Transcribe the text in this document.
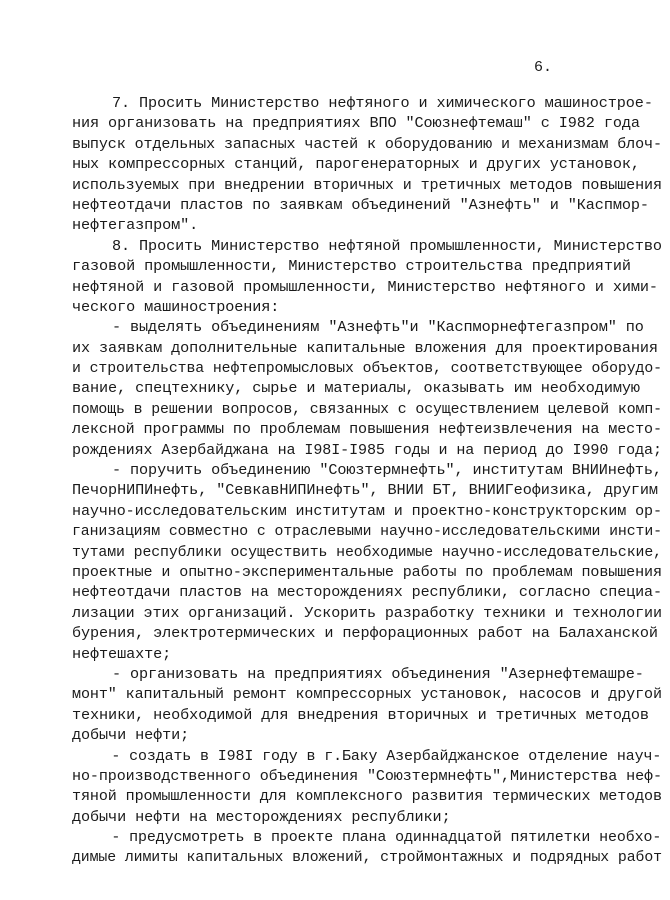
6.
7. Просить Министерство нефтяного и химического машинострое-
ния организовать на предприятиях ВПО "Союзнефтемаш" с I982 года
выпуск отдельных запасных частей к оборудованию и механизмам блоч-
ных компрессорных станций, парогенераторных и других установок,
используемых при внедрении вторичных и третичных методов повышения
нефтеотдачи пластов по заявкам объединений "Азнефть" и "Каспмор-
нефтегазпром".
8. Просить Министерство нефтяной промышленности, Министерство
газовой промышленности, Министерство строительства предприятий
нефтяной и газовой промышленности, Министерство нефтяного и хими-
ческого машиностроения:
- выделять объединениям "Азнефть"и "Каспморнефтегазпром" по
их заявкам дополнительные капитальные вложения для проектирования
и строительства нефтепромысловых объектов, соответствующее оборудо-
вание, спецтехнику, сырье и материалы, оказывать им необходимую
помощь в решении вопросов, связанных с осуществлением целевой комп-
лексной программы по проблемам повышения нефтеизвлечения на место-
рождениях Азербайджана на I98I-I985 годы и на период до I990 года;
- поручить объединению "Союзтермнефть", институтам ВНИИнефть,
ПечорНИПИнефть, "СевкавНИПИнефть", ВНИИ БТ, ВНИИГеофизика, другим
научно-исследовательским институтам и проектно-конструкторским ор-
ганизациям совместно с отраслевыми научно-исследовательскими инсти-
тутами республики осуществить необходимые научно-исследовательские,
проектные и опытно-экспериментальные работы по проблемам повышения
нефтеотдачи пластов на месторождениях республики, согласно специа-
лизации этих организаций. Ускорить разработку техники и технологии
бурения, электротермических и перфорационных работ на Балаханской
нефтешахте;
- организовать на предприятиях объединения "Азернефтемашре-
монт" капитальный ремонт компрессорных установок, насосов и другой
техники, необходимой для внедрения вторичных и третичных методов
добычи нефти;
- создать в I98I году в г.Баку Азербайджанское отделение науч-
но-производственного объединения "Союзтермнефть",Министерства неф-
тяной промышленности для комплексного развития термических методов
добычи нефти на месторождениях республики;
- предусмотреть в проекте плана одиннадцатой пятилетки необхо-
димые лимиты капитальных вложений, строймонтажных и подрядных работ
